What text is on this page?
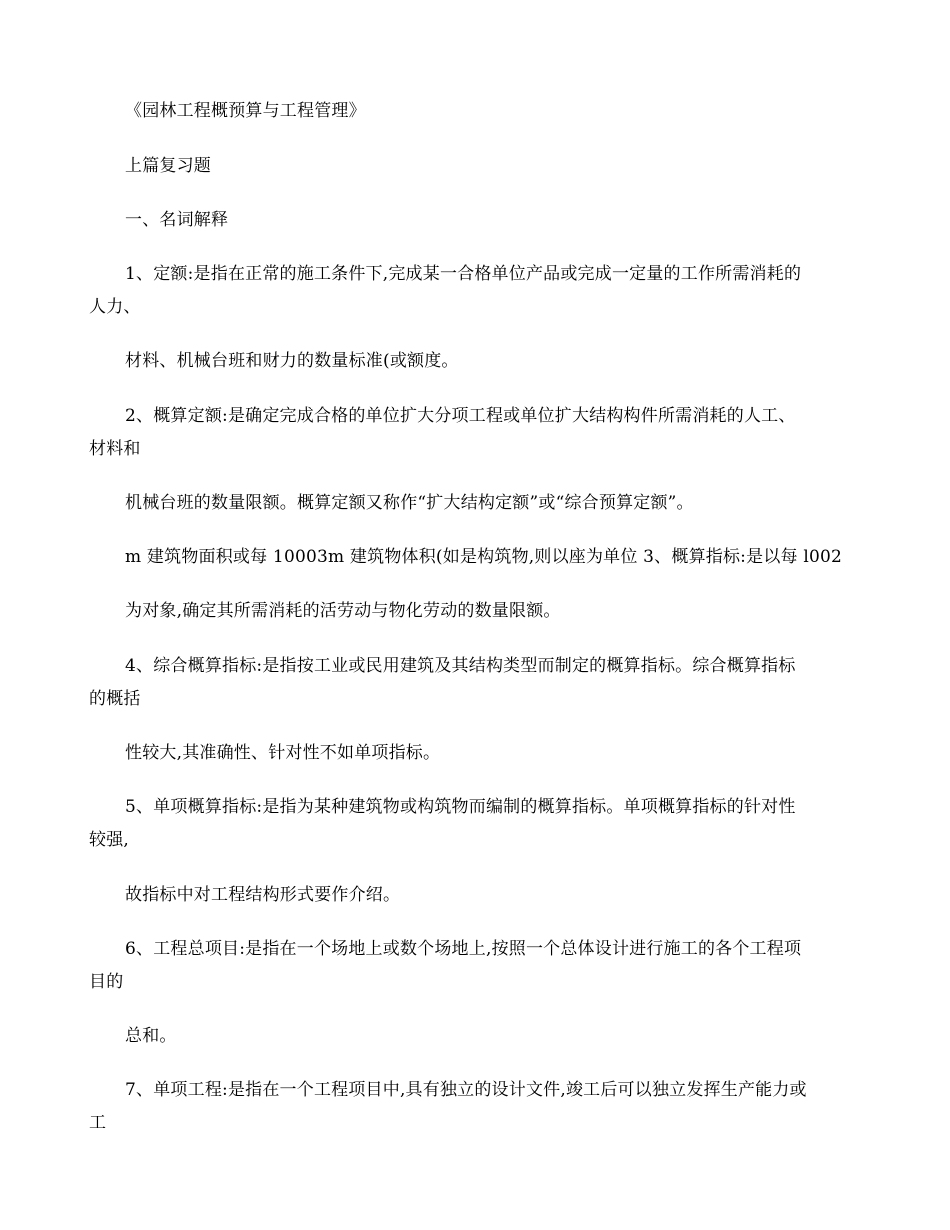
《园林工程概预算与工程管理》
上篇复习题
一、名词解释
1、定额:是指在正常的施工条件下,完成某一合格单位产品或完成一定量的工作所需消耗的
人力、
材料、机械台班和财力的数量标准(或额度。
2、概算定额:是确定完成合格的单位扩大分项工程或单位扩大结构构件所需消耗的人工、
材料和
机械台班的数量限额。概算定额又称作“扩大结构定额”或“综合预算定额”。
m 建筑物面积或每 10003m 建筑物体积(如是构筑物,则以座为单位 3、概算指标:是以每 l002
为对象,确定其所需消耗的活劳动与物化劳动的数量限额。
4、综合概算指标:是指按工业或民用建筑及其结构类型而制定的概算指标。综合概算指标
的概括
性较大,其准确性、针对性不如单项指标。
5、单项概算指标:是指为某种建筑物或构筑物而编制的概算指标。单项概算指标的针对性
较强,
故指标中对工程结构形式要作介绍。
6、工程总项目:是指在一个场地上或数个场地上,按照一个总体设计进行施工的各个工程项
目的
总和。
7、单项工程:是指在一个工程项目中,具有独立的设计文件,竣工后可以独立发挥生产能力或
工
